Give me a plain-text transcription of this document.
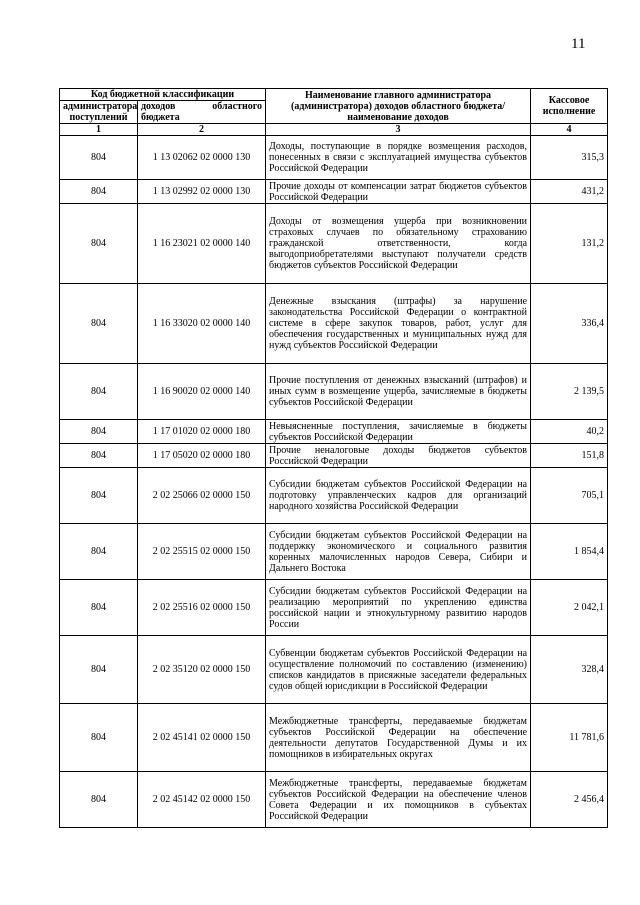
11
Код бюджетной классификации		Наименование главного администратора (администратора) доходов областного бюджета/ наименование доходов	Кассовое исполнение
администратора поступлений	доходов областного бюджета		
1	2	3	4
804	1 13 02062 02 0000 130	Доходы, поступающие в порядке возмещения расходов, понесенных в связи с эксплуатацией имущества субъектов Российской Федерации	315,3
804	1 13 02992 02 0000 130	Прочие доходы от компенсации затрат бюджетов субъектов Российской Федерации	431,2
804	1 16 23021 02 0000 140	Доходы от возмещения ущерба при возникновении страховых случаев по обязательному страхованию гражданской ответственности, когда выгодоприобретателями выступают получатели средств бюджетов субъектов Российской Федерации	131,2
804	1 16 33020 02 0000 140	Денежные взыскания (штрафы) за нарушение законодательства Российской Федерации о контрактной системе в сфере закупок товаров, работ, услуг для обеспечения государственных и муниципальных нужд для нужд субъектов Российской Федерации	336,4
804	1 16 90020 02 0000 140	Прочие поступления от денежных взысканий (штрафов) и иных сумм в возмещение ущерба, зачисляемые в бюджеты субъектов Российской Федерации	2 139,5
804	1 17 01020 02 0000 180	Невыясненные поступления, зачисляемые в бюджеты субъектов Российской Федерации	40,2
804	1 17 05020 02 0000 180	Прочие неналоговые доходы бюджетов субъектов Российской Федерации	151,8
804	2 02 25066 02 0000 150	Субсидии бюджетам субъектов Российской Федерации на подготовку управленческих кадров для организаций народного хозяйства Российской Федерации	705,1
804	2 02 25515 02 0000 150	Субсидии бюджетам субъектов Российской Федерации на поддержку экономического и социального развития коренных малочисленных народов Севера, Сибири и Дальнего Востока	1 854,4
804	2 02 25516 02 0000 150	Субсидии бюджетам субъектов Российской Федерации на реализацию мероприятий по укреплению единства российской нации и этнокультурному развитию народов России	2 042,1
804	2 02 35120 02 0000 150	Субвенции бюджетам субъектов Российской Федерации на осуществление полномочий по составлению (изменению) списков кандидатов в присяжные заседатели федеральных судов общей юрисдикции в Российской Федерации	328,4
804	2 02 45141 02 0000 150	Межбюджетные трансферты, передаваемые бюджетам субъектов Российской Федерации на обеспечение деятельности депутатов Государственной Думы и их помощников в избирательных округах	11 781,6
804	2 02 45142 02 0000 150	Межбюджетные трансферты, передаваемые бюджетам субъектов Российской Федерации на обеспечение членов Совета Федерации и их помощников в субъектах Российской Федерации	2 456,4
